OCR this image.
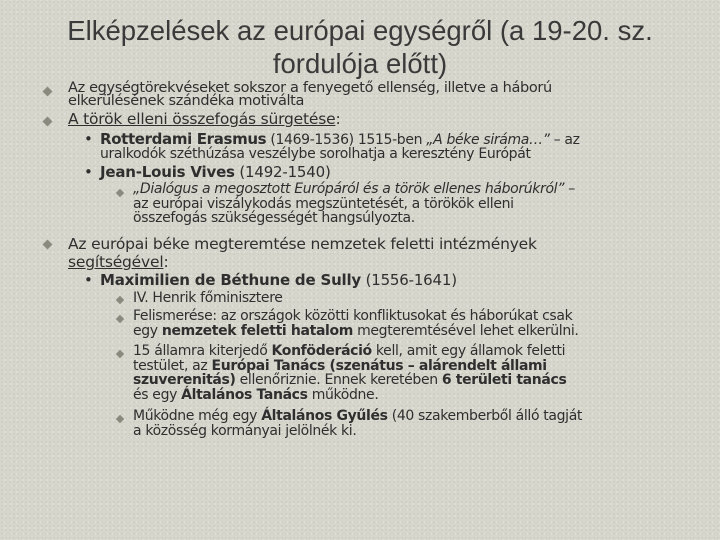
Elképzelések az európai egységről (a 19-20. sz. fordulója előtt)

Az egységtörekvéseket sokszor a fenyegető ellenség, illetve a háború
elkerülésének szándéka motiválta

A török elleni összefogás sürgetése:

• Rotterdami Erasmus (1469-1536) 1515-ben „A béke siráma…” – az
uralkodók széthúzása veszélybe sorolhatja a keresztény Európát

• Jean-Louis Vives (1492-1540)

„Dialógus a megosztott Európáról és a török ellenes háborúkról” –
az európai viszálykodás megszüntetését, a törökök elleni
összefogás szükségességét hangsúlyozta.

Az európai béke megteremtése nemzetek feletti intézmények
segítségével:

• Maximilien de Béthune de Sully (1556-1641)

IV. Henrik főminisztere

Felismerése: az országok közötti konfliktusokat és háborúkat csak
egy nemzetek feletti hatalom megteremtésével lehet elkerülni.

15 államra kiterjedő Konföderáció kell, amit egy államok feletti
testület, az Európai Tanács (szenátus – alárendelt állami
szuverenitás) ellenőriznie. Ennek keretében 6 területi tanács
és egy Általános Tanács működne.

Működne még egy Általános Gyűlés (40 szakemberből álló tagját
a közösség kormányai jelölnék ki.
